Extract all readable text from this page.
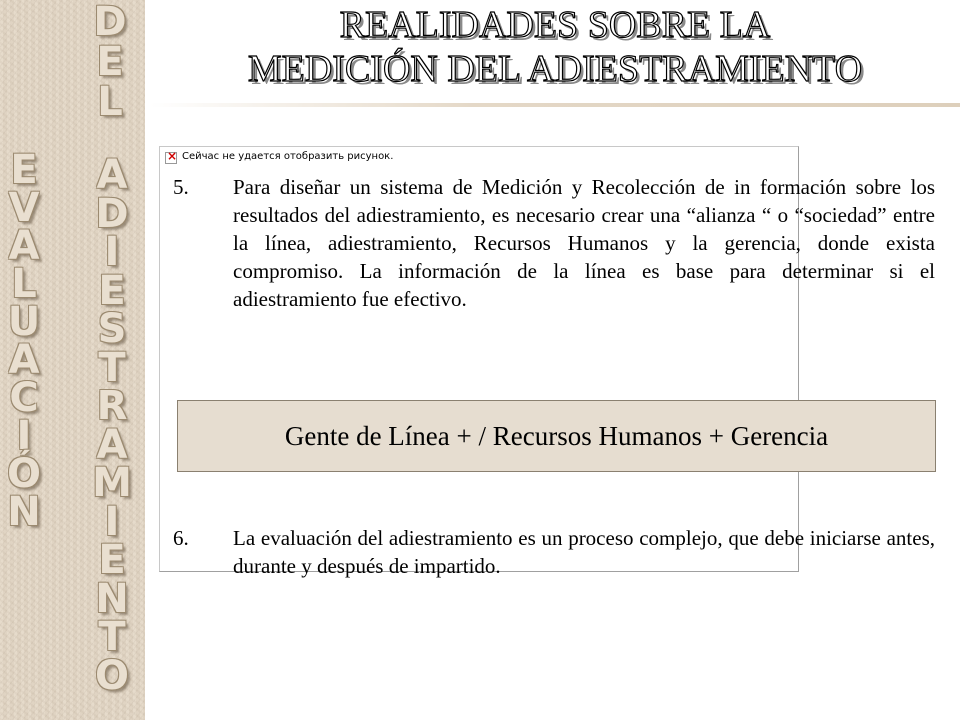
D
E
L
E
V
A
L
U
A
C
I
Ó
N
A
D
I
E
S
T
R
A
M
I
E
N
T
O
REALIDADES SOBRE LA
MEDICIÓN DEL ADIESTRAMIENTO
×
Сейчас не удается отобразить рисунок.
5. Para diseñar un sistema de Medición y Recolección de in formación sobre los resultados del adiestramiento, es necesario crear una “alianza “ o “sociedad” entre la línea, adiestramiento, Recursos Humanos y la gerencia, donde exista compromiso. La información de la línea es base para determinar si el adiestramiento fue efectivo.
Gente de Línea + / Recursos Humanos + Gerencia
6. La evaluación del adiestramiento es un proceso complejo, que debe iniciarse antes, durante y después de impartido.
